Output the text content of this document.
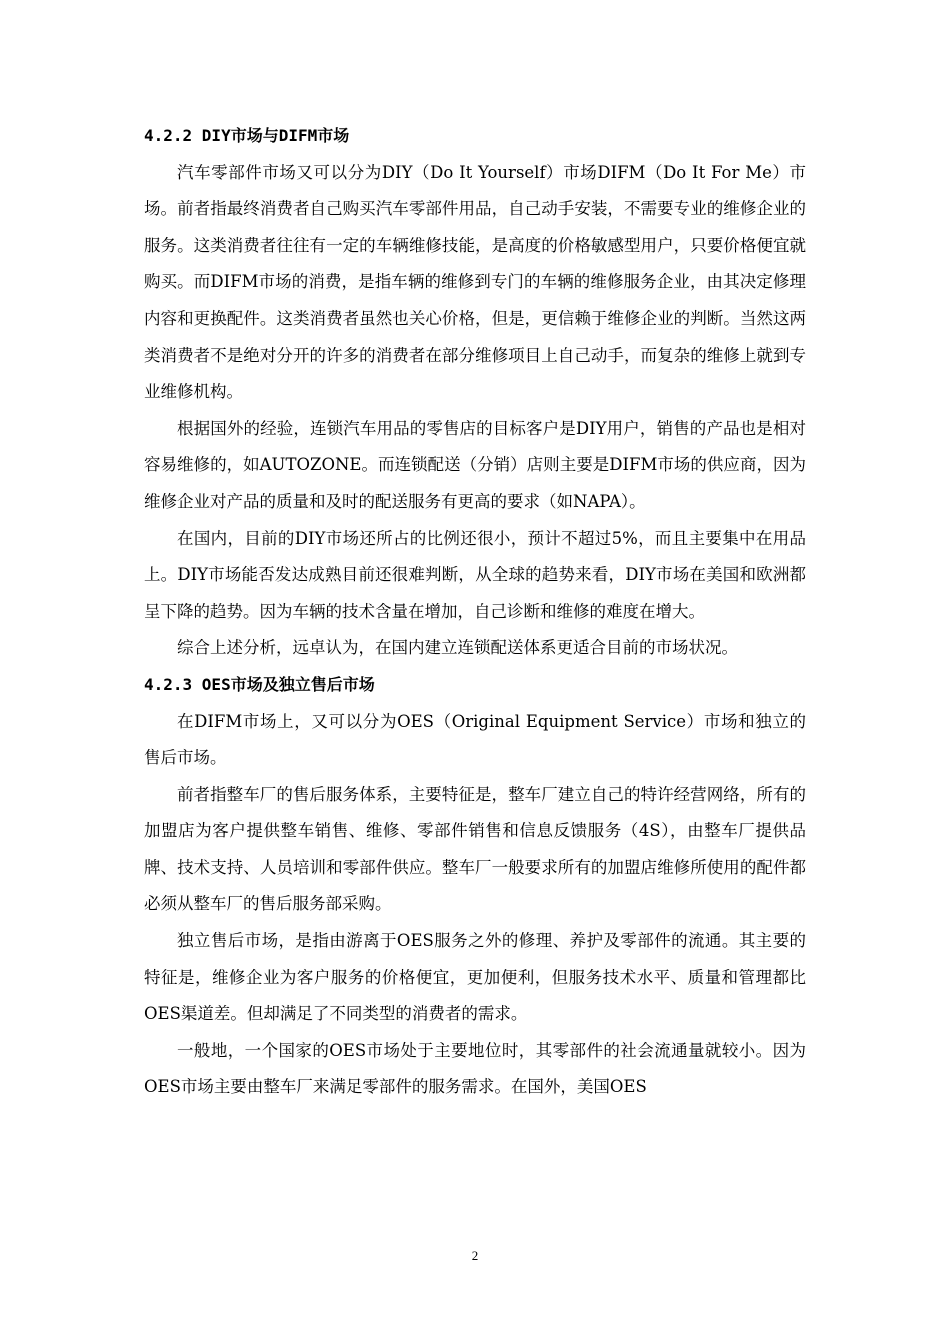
4.2.2 DIY市场与DIFM市场

汽车零部件市场又可以分为DIY（Do It Yourself）市场DIFM（Do It For Me）市场。前者指最终消费者自己购买汽车零部件用品，自己动手安装，不需要专业的维修企业的服务。这类消费者往往有一定的车辆维修技能，是高度的价格敏感型用户，只要价格便宜就购买。而DIFM市场的消费，是指车辆的维修到专门的车辆的维修服务企业，由其决定修理内容和更换配件。这类消费者虽然也关心价格，但是，更信赖于维修企业的判断。当然这两类消费者不是绝对分开的许多的消费者在部分维修项目上自己动手，而复杂的维修上就到专业维修机构。

根据国外的经验，连锁汽车用品的零售店的目标客户是DIY用户，销售的产品也是相对容易维修的，如AUTOZONE。而连锁配送（分销）店则主要是DIFM市场的供应商，因为维修企业对产品的质量和及时的配送服务有更高的要求（如NAPA）。

在国内，目前的DIY市场还所占的比例还很小，预计不超过5%，而且主要集中在用品上。DIY市场能否发达成熟目前还很难判断，从全球的趋势来看，DIY市场在美国和欧洲都呈下降的趋势。因为车辆的技术含量在增加，自己诊断和维修的难度在增大。

综合上述分析，远卓认为，在国内建立连锁配送体系更适合目前的市场状况。

4.2.3 OES市场及独立售后市场

在DIFM市场上，又可以分为OES（Original Equipment Service）市场和独立的售后市场。

前者指整车厂的售后服务体系，主要特征是，整车厂建立自己的特许经营网络，所有的加盟店为客户提供整车销售、维修、零部件销售和信息反馈服务（4S），由整车厂提供品牌、技术支持、人员培训和零部件供应。整车厂一般要求所有的加盟店维修所使用的配件都必须从整车厂的售后服务部采购。

独立售后市场，是指由游离于OES服务之外的修理、养护及零部件的流通。其主要的特征是，维修企业为客户服务的价格便宜，更加便利，但服务技术水平、质量和管理都比OES渠道差。但却满足了不同类型的消费者的需求。

一般地，一个国家的OES市场处于主要地位时，其零部件的社会流通量就较小。因为OES市场主要由整车厂来满足零部件的服务需求。在国外，美国OES

2
